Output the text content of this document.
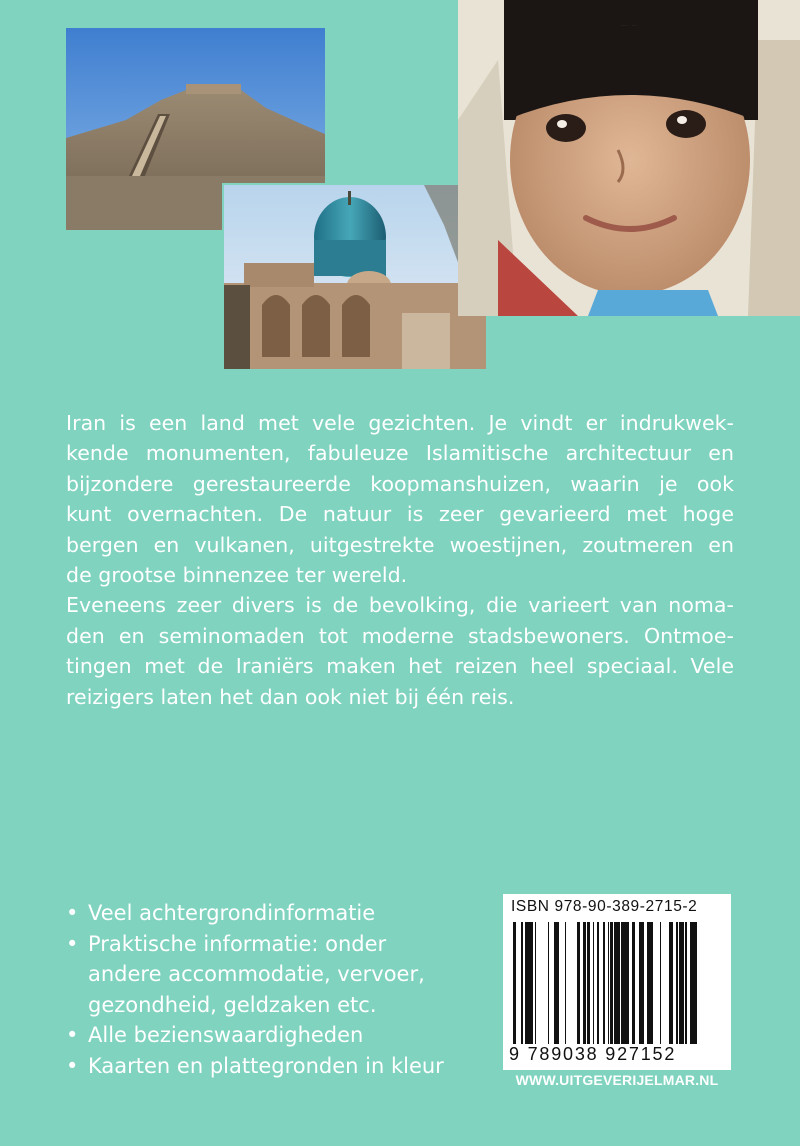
Iran is een land met vele gezichten. Je vindt er indrukwek-
kende monumenten, fabuleuze Islamitische architectuur en
bijzondere gerestaureerde koopmanshuizen, waarin je ook
kunt overnachten. De natuur is zeer gevarieerd met hoge
bergen en vulkanen, uitgestrekte woestijnen, zoutmeren en
de grootse binnenzee ter wereld.
Eveneens zeer divers is de bevolking, die varieert van noma-
den en seminomaden tot moderne stadsbewoners. Ontmoe-
tingen met de Iraniërs maken het reizen heel speciaal. Vele
reizigers laten het dan ook niet bij één reis.
• Veel achtergrondinformatie
• Praktische informatie: onder
andere accommodatie, vervoer,
gezondheid, geldzaken etc.
• Alle bezienswaardigheden
• Kaarten en plattegronden in kleur
ISBN 978-90-389-2715-2
9 789038 927152
WWW.UITGEVERIJELMAR.NL
